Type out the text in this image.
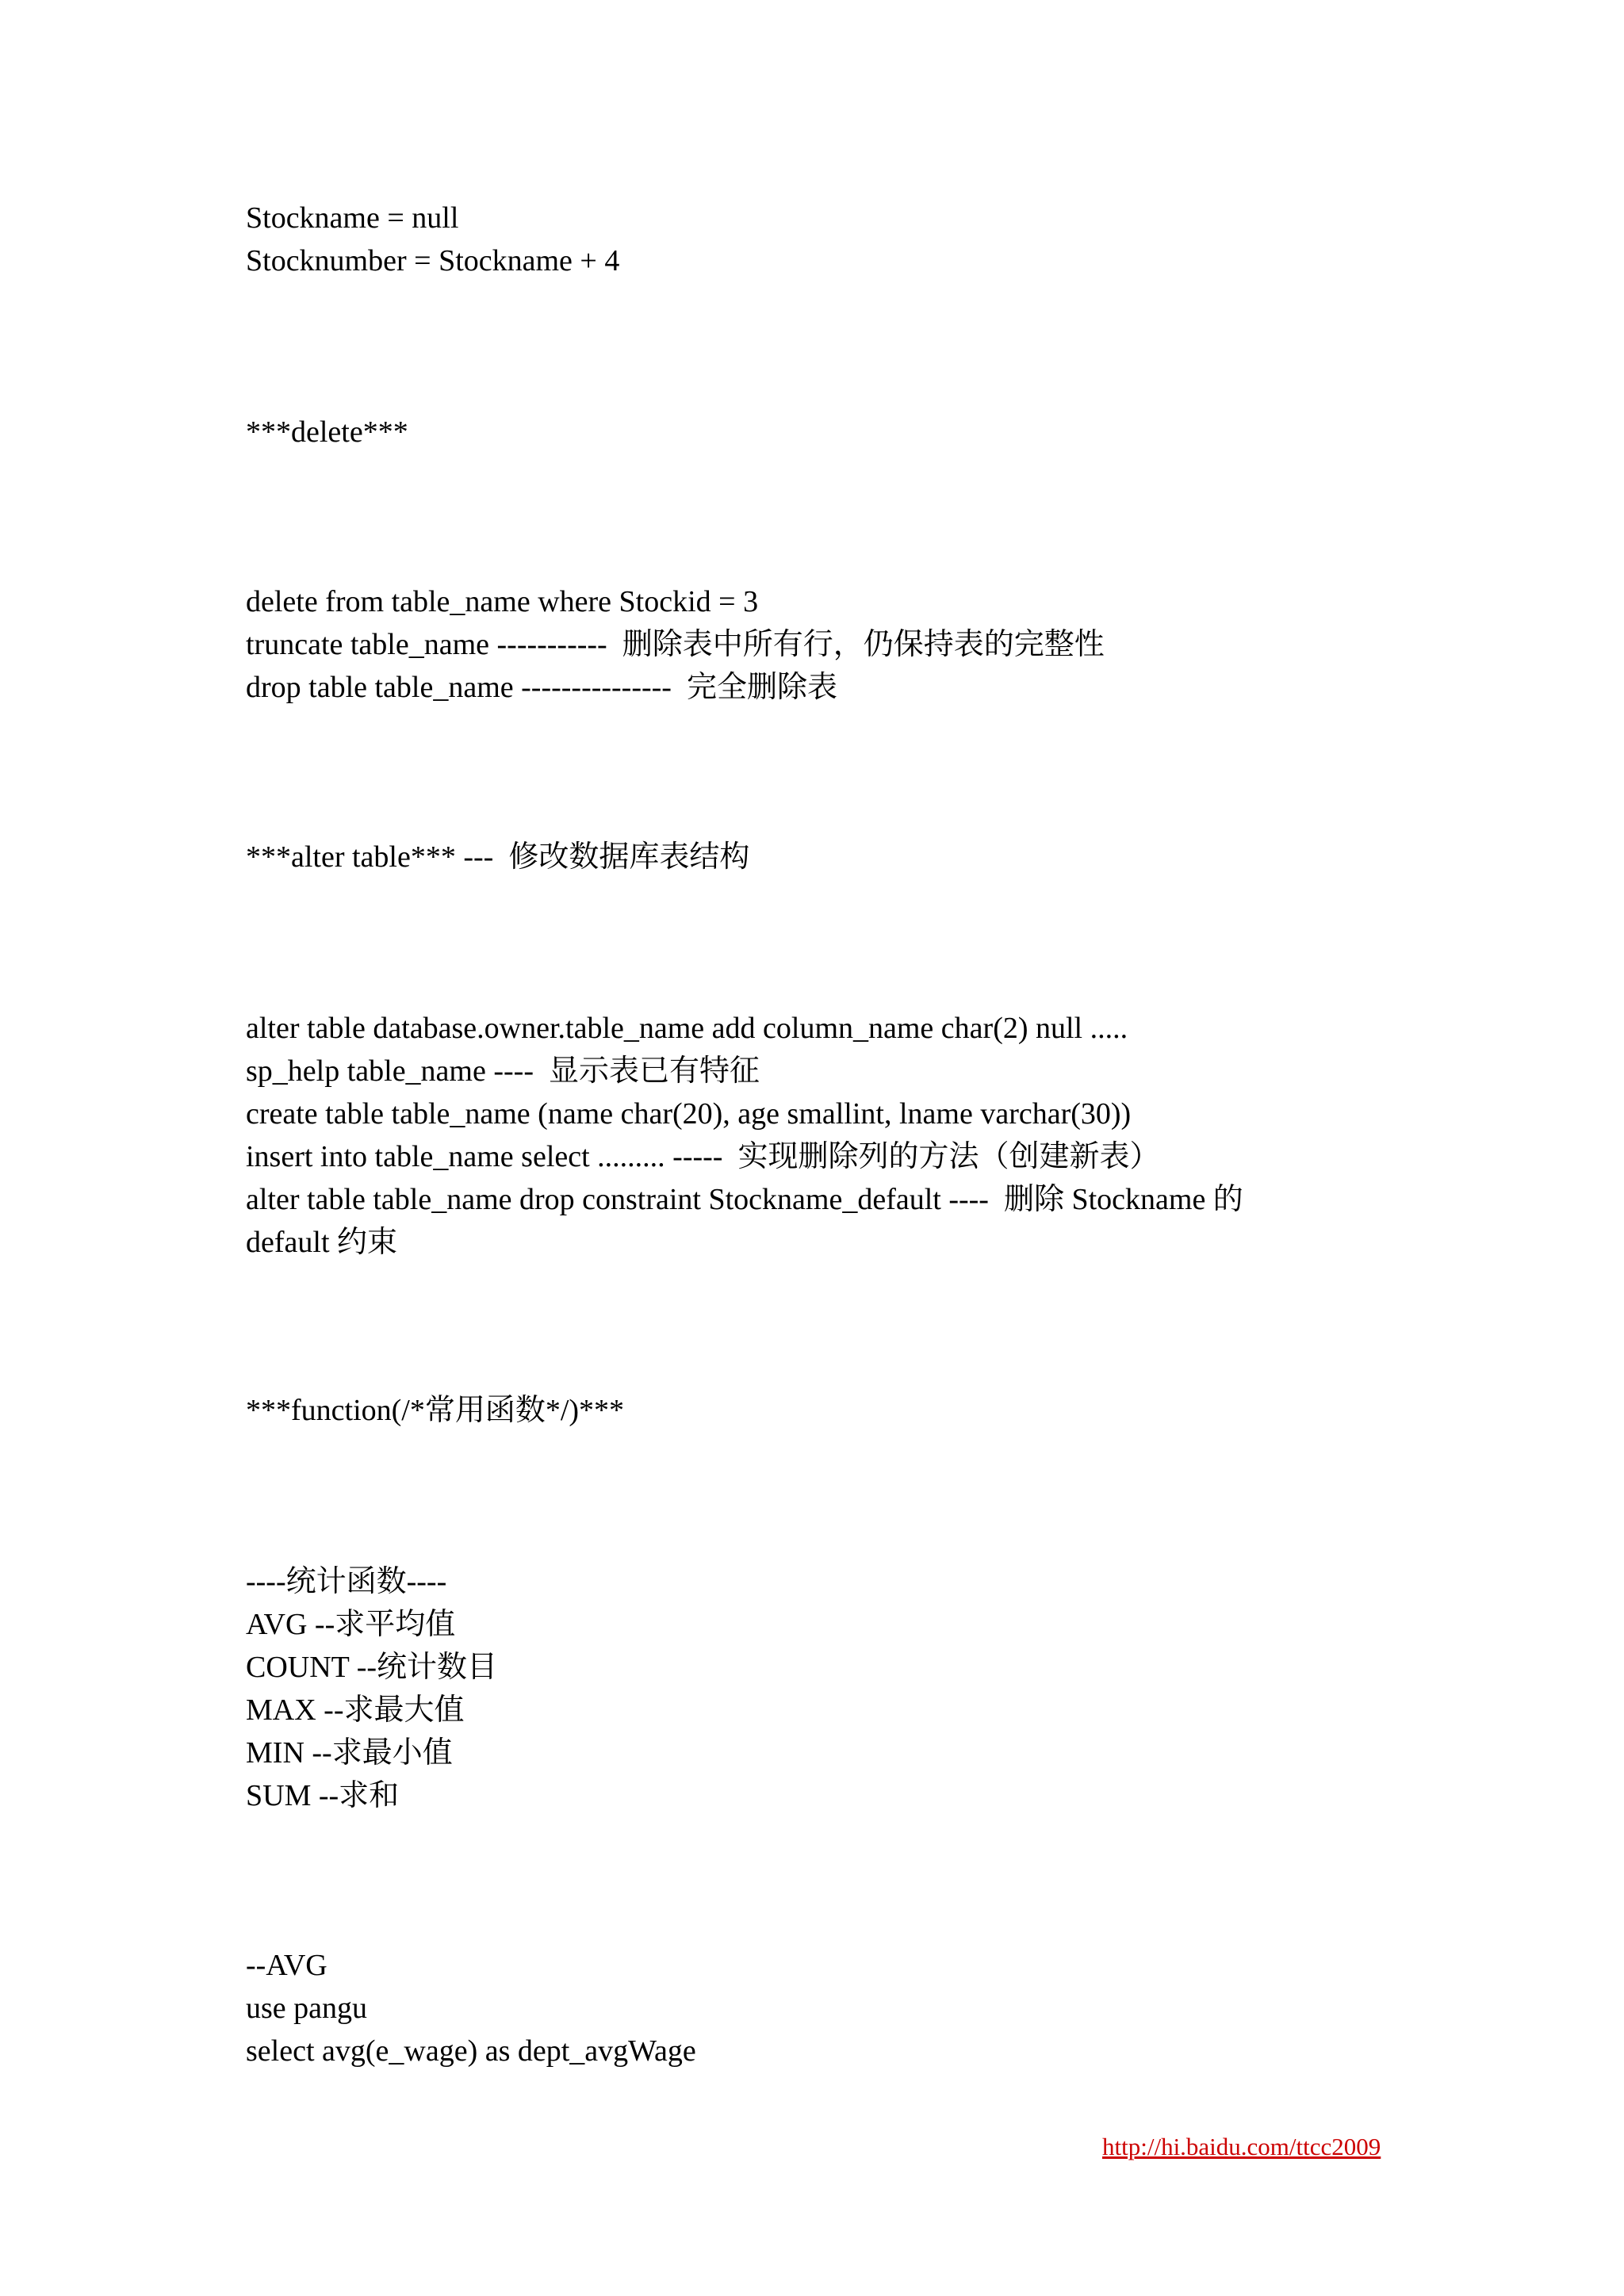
Stockname = null
Stocknumber = Stockname + 4
***delete***
delete from table_name where Stockid = 3
truncate table_name -----------  删除表中所有行，仍保持表的完整性
drop table table_name ---------------  完全删除表
***alter table*** ---  修改数据库表结构
alter table database.owner.table_name add column_name char(2) null .....
sp_help table_name ----  显示表已有特征
create table table_name (name char(20), age smallint, lname varchar(30))
insert into table_name select ......... -----  实现删除列的方法（创建新表）
alter table table_name drop constraint Stockname_default ----  删除 Stockname 的
default 约束
***function(/*常用函数*/)***
----统计函数----
AVG --求平均值
COUNT --统计数目
MAX --求最大值
MIN --求最小值
SUM --求和
--AVG
use pangu
select avg(e_wage) as dept_avgWage
http://hi.baidu.com/ttcc2009
